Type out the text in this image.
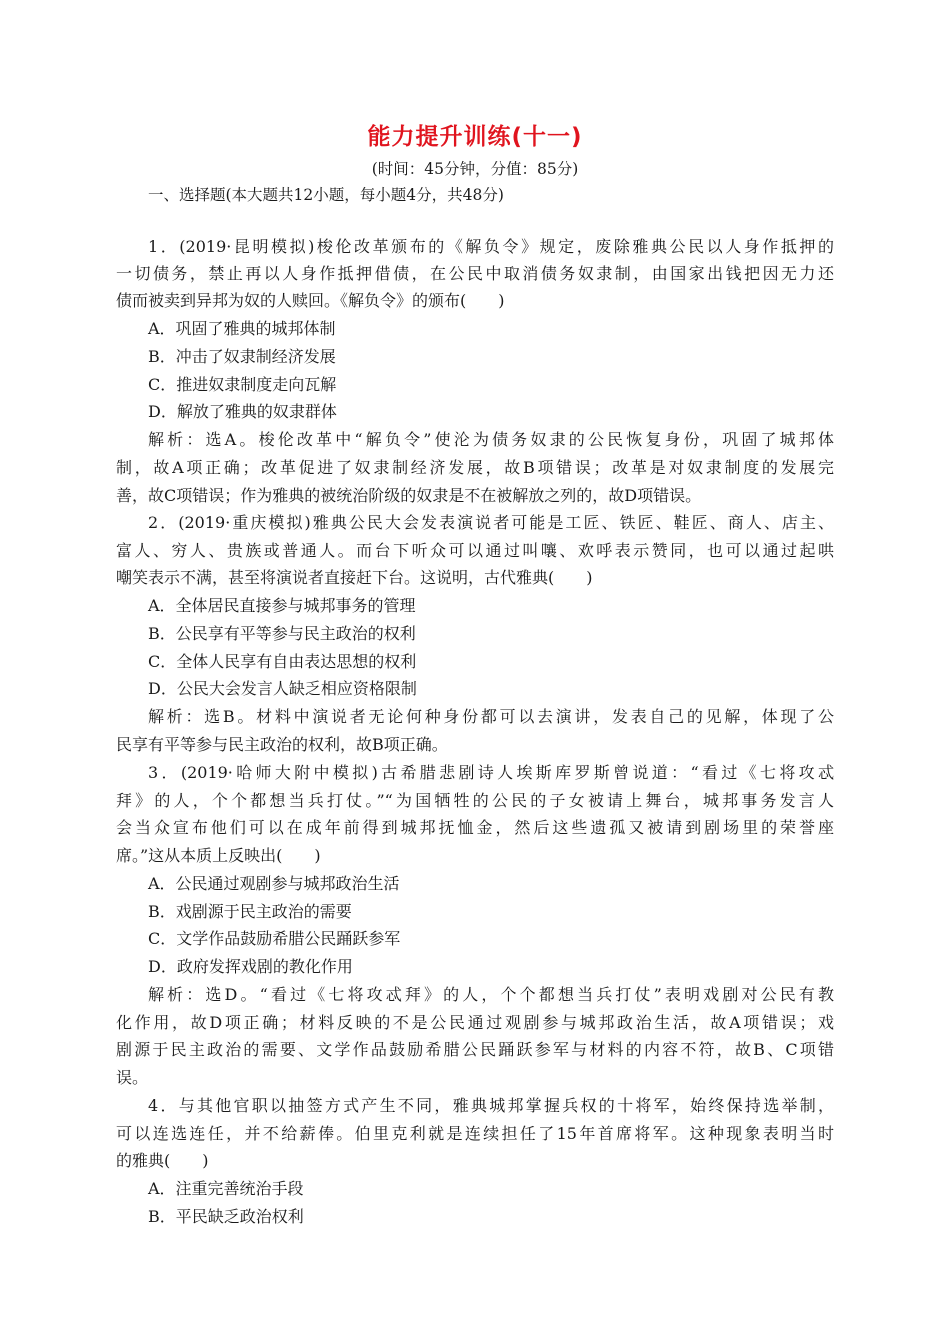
能力提升训练(十一)
(时间：45分钟，分值：85分)
一、选择题(本大题共12小题，每小题4分，共48分)
1．(2019·昆明模拟)梭伦改革颁布的《解负令》规定，废除雅典公民以人身作抵押的
一切债务，禁止再以人身作抵押借债，在公民中取消债务奴隶制，由国家出钱把因无力还
债而被卖到异邦为奴的人赎回。《解负令》的颁布(　　)
A．巩固了雅典的城邦体制
B．冲击了奴隶制经济发展
C．推进奴隶制度走向瓦解
D．解放了雅典的奴隶群体
解析：选A。梭伦改革中“解负令”使沦为债务奴隶的公民恢复身份，巩固了城邦体
制，故A项正确；改革促进了奴隶制经济发展，故B项错误；改革是对奴隶制度的发展完
善，故C项错误；作为雅典的被统治阶级的奴隶是不在被解放之列的，故D项错误。
2．(2019·重庆模拟)雅典公民大会发表演说者可能是工匠、铁匠、鞋匠、商人、店主、
富人、穷人、贵族或普通人。而台下听众可以通过叫嚷、欢呼表示赞同，也可以通过起哄
嘲笑表示不满，甚至将演说者直接赶下台。这说明，古代雅典(　　)
A．全体居民直接参与城邦事务的管理
B．公民享有平等参与民主政治的权利
C．全体人民享有自由表达思想的权利
D．公民大会发言人缺乏相应资格限制
解析：选B。材料中演说者无论何种身份都可以去演讲，发表自己的见解，体现了公
民享有平等参与民主政治的权利，故B项正确。
3．(2019·哈师大附中模拟)古希腊悲剧诗人埃斯库罗斯曾说道：“看过《七将攻忒
拜》的人，个个都想当兵打仗。”“为国牺牲的公民的子女被请上舞台，城邦事务发言人
会当众宣布他们可以在成年前得到城邦抚恤金，然后这些遗孤又被请到剧场里的荣誉座
席。”这从本质上反映出(　　)
A．公民通过观剧参与城邦政治生活
B．戏剧源于民主政治的需要
C．文学作品鼓励希腊公民踊跃参军
D．政府发挥戏剧的教化作用
解析：选D。“看过《七将攻忒拜》的人，个个都想当兵打仗”表明戏剧对公民有教
化作用，故D项正确；材料反映的不是公民通过观剧参与城邦政治生活，故A项错误；戏
剧源于民主政治的需要、文学作品鼓励希腊公民踊跃参军与材料的内容不符，故B、C项错
误。
4．与其他官职以抽签方式产生不同，雅典城邦掌握兵权的十将军，始终保持选举制，
可以连选连任，并不给薪俸。伯里克利就是连续担任了15年首席将军。这种现象表明当时
的雅典(　　)
A．注重完善统治手段
B．平民缺乏政治权利
